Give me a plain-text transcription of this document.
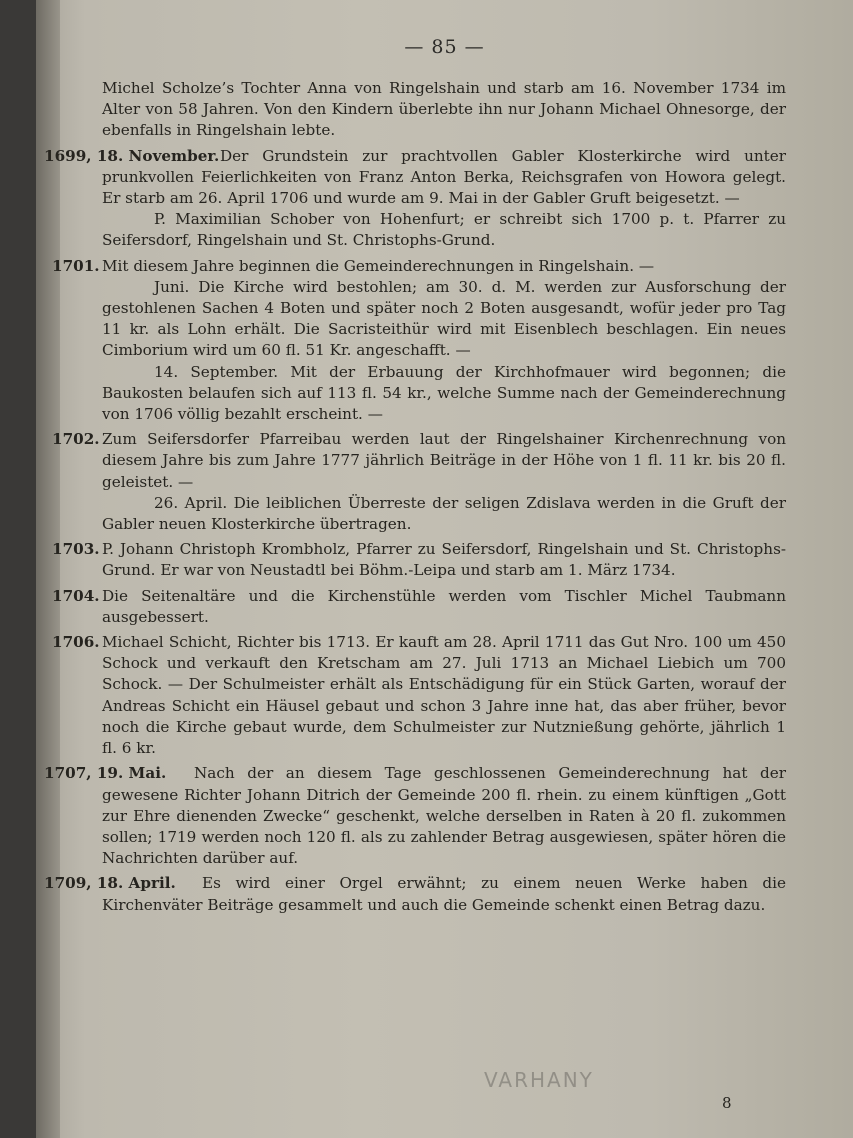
— 85 —

Michel Scholze’s Tochter Anna von Ringelshain und starb am 16. November 1734 im Alter von 58 Jahren. Von den Kindern überlebte ihn nur Johann Michael Ohnesorge, der ebenfalls in Ringelshain lebte.

1699, 18. November. Der Grundstein zur prachtvollen Gabler Klosterkirche wird unter prunkvollen Feierlichkeiten von Franz Anton Berka, Reichsgrafen von Howora gelegt. Er starb am 26. April 1706 und wurde am 9. Mai in der Gabler Gruft beigesetzt. —

P. Maximilian Schober von Hohenfurt; er schreibt sich 1700 p. t. Pfarrer zu Seifersdorf, Ringelshain und St. Christophs-Grund.

1701. Mit diesem Jahre beginnen die Gemeinderechnungen in Ringelshain. —

Juni. Die Kirche wird bestohlen; am 30. d. M. werden zur Ausforschung der gestohlenen Sachen 4 Boten und später noch 2 Boten ausgesandt, wofür jeder pro Tag 11 kr. als Lohn erhält. Die Sacristeithür wird mit Eisenblech beschlagen. Ein neues Cimborium wird um 60 fl. 51 Kr. angeschafft. —

14. September. Mit der Erbauung der Kirchhofmauer wird begonnen; die Baukosten belaufen sich auf 113 fl. 54 kr., welche Summe nach der Gemeinderechnung von 1706 völlig bezahlt erscheint. —

1702. Zum Seifersdorfer Pfarreibau werden laut der Ringelshainer Kirchenrechnung von diesem Jahre bis zum Jahre 1777 jährlich Beiträge in der Höhe von 1 fl. 11 kr. bis 20 fl. geleistet. —

26. April. Die leiblichen Überreste der seligen Zdislava werden in die Gruft der Gabler neuen Klosterkirche übertragen.

1703. P. Johann Christoph Krombholz, Pfarrer zu Seifersdorf, Ringelshain und St. Christophs-Grund. Er war von Neustadtl bei Böhm.-Leipa und starb am 1. März 1734.

1704. Die Seitenaltäre und die Kirchenstühle werden vom Tischler Michel Taubmann ausgebessert.

1706. Michael Schicht, Richter bis 1713. Er kauft am 28. April 1711 das Gut Nro. 100 um 450 Schock und verkauft den Kretscham am 27. Juli 1713 an Michael Liebich um 700 Schock. — Der Schulmeister erhält als Entschädigung für ein Stück Garten, worauf der Andreas Schicht ein Häusel gebaut und schon 3 Jahre inne hat, das aber früher, bevor noch die Kirche gebaut wurde, dem Schulmeister zur Nutznießung gehörte, jährlich 1 fl. 6 kr.

1707, 19. Mai.	Nach der an diesem Tage geschlossenen Gemeinderechnung hat der gewesene Richter Johann Ditrich der Gemeinde 200 fl. rhein. zu einem künftigen „Gott zur Ehre dienenden Zwecke“ geschenkt, welche derselben in Raten à 20 fl. zukommen sollen; 1719 werden noch 120 fl. als zu zahlender Betrag ausgewiesen, später hören die Nachrichten darüber auf.

1709, 18. April.	Es wird einer Orgel erwähnt; zu einem neuen Werke haben die Kirchenväter Beiträge gesammelt und auch die Gemeinde schenkt einen Betrag dazu.

VARHANY
8
